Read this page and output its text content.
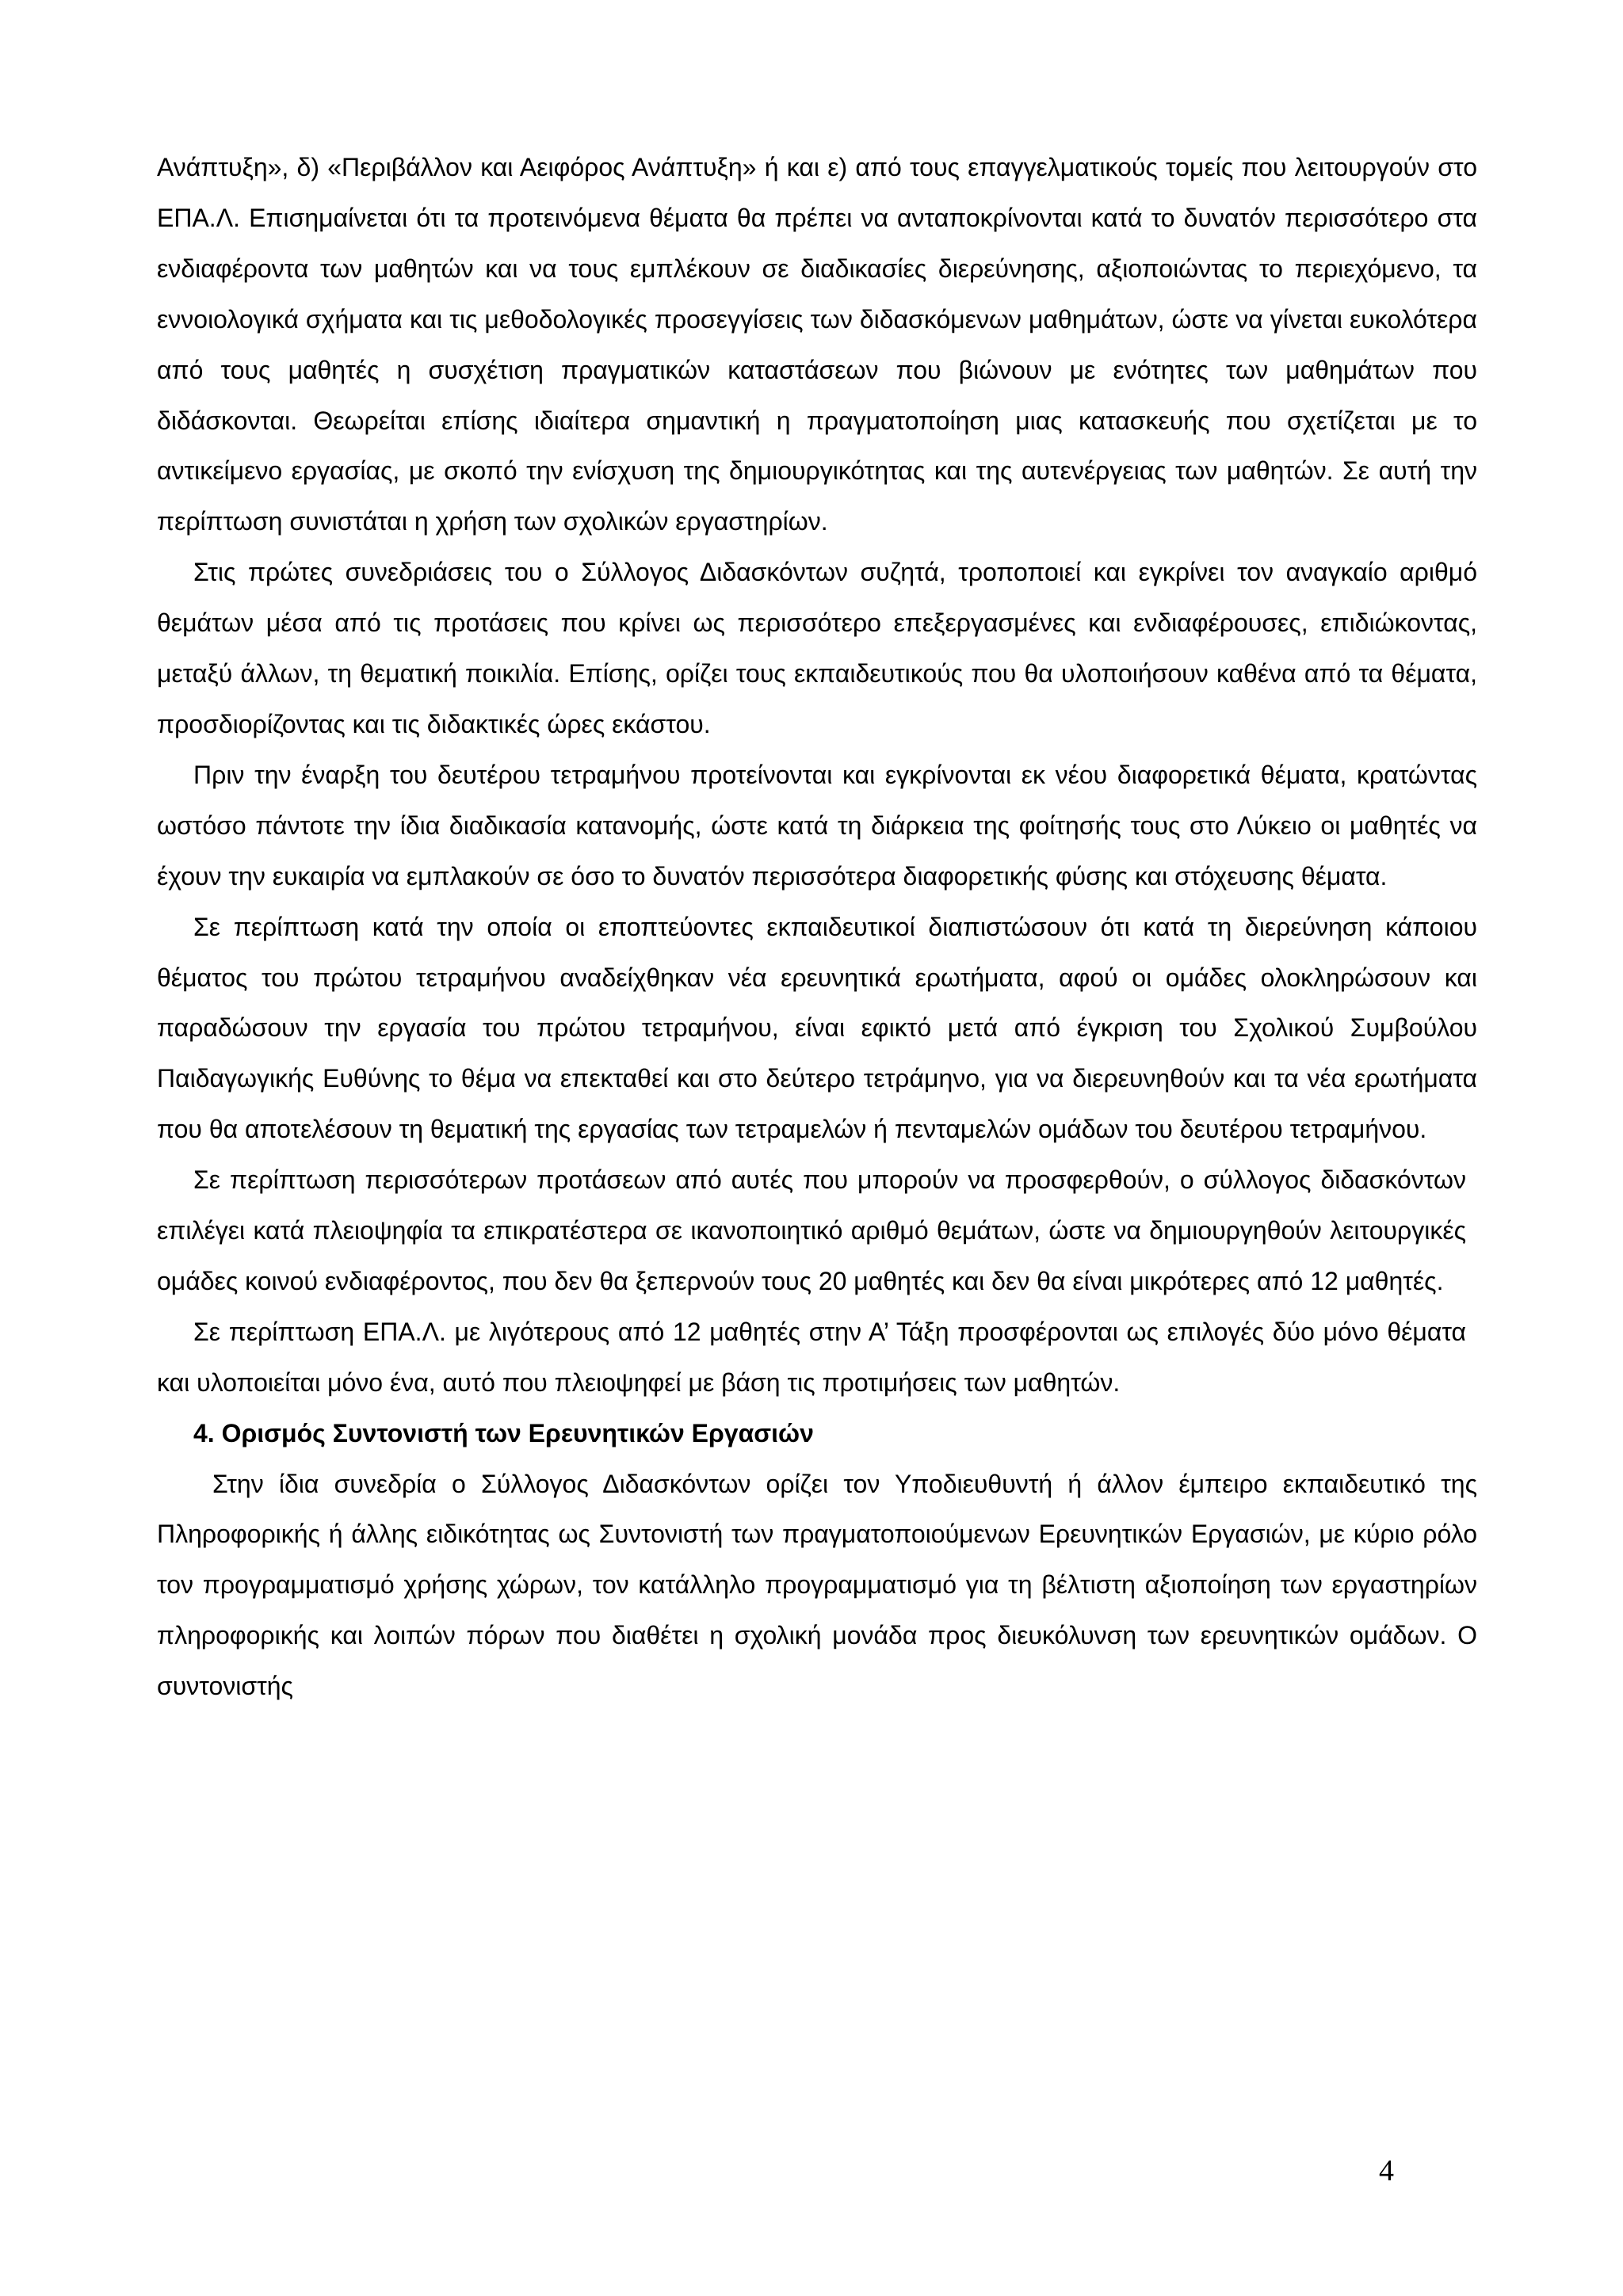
Ανάπτυξη», δ) «Περιβάλλον και Αειφόρος Ανάπτυξη» ή και ε) από τους επαγγελματικούς τομείς που λειτουργούν στο ΕΠΑ.Λ. Επισημαίνεται ότι τα προτεινόμενα θέματα θα πρέπει να ανταποκρίνονται κατά το δυνατόν περισσότερο στα ενδιαφέροντα των μαθητών και να τους εμπλέκουν σε διαδικασίες διερεύνησης, αξιοποιώντας το περιεχόμενο, τα εννοιολογικά σχήματα και τις μεθοδολογικές προσεγγίσεις των διδασκόμενων μαθημάτων, ώστε να γίνεται ευκολότερα από τους μαθητές η συσχέτιση πραγματικών καταστάσεων που βιώνουν με ενότητες των μαθημάτων που διδάσκονται. Θεωρείται επίσης ιδιαίτερα σημαντική η πραγματοποίηση μιας κατασκευής που σχετίζεται με το αντικείμενο εργασίας, με σκοπό την ενίσχυση της δημιουργικότητας και της αυτενέργειας των μαθητών. Σε αυτή την περίπτωση συνιστάται η χρήση των σχολικών εργαστηρίων.

Στις πρώτες συνεδριάσεις του ο Σύλλογος Διδασκόντων συζητά, τροποποιεί και εγκρίνει τον αναγκαίο αριθμό θεμάτων μέσα από τις προτάσεις που κρίνει ως περισσότερο επεξεργασμένες και ενδιαφέρουσες, επιδιώκοντας, μεταξύ άλλων, τη θεματική ποικιλία. Επίσης, ορίζει τους εκπαιδευτικούς που θα υλοποιήσουν καθένα από τα θέματα, προσδιορίζοντας και τις διδακτικές ώρες εκάστου.

Πριν την έναρξη του δευτέρου τετραμήνου προτείνονται και εγκρίνονται εκ νέου διαφορετικά θέματα, κρατώντας ωστόσο πάντοτε την ίδια διαδικασία κατανομής, ώστε κατά τη διάρκεια της φοίτησής τους στο Λύκειο οι μαθητές να έχουν την ευκαιρία να εμπλακούν σε όσο το δυνατόν περισσότερα διαφορετικής φύσης και στόχευσης θέματα.

Σε περίπτωση κατά την οποία οι εποπτεύοντες εκπαιδευτικοί διαπιστώσουν ότι κατά τη διερεύνηση κάποιου θέματος του πρώτου τετραμήνου αναδείχθηκαν νέα ερευνητικά ερωτήματα, αφού οι ομάδες ολοκληρώσουν και παραδώσουν την εργασία του πρώτου τετραμήνου, είναι εφικτό μετά από έγκριση του Σχολικού Συμβούλου Παιδαγωγικής Ευθύνης το θέμα να επεκταθεί και στο δεύτερο τετράμηνο, για να διερευνηθούν και τα νέα ερωτήματα που θα αποτελέσουν τη θεματική της εργασίας των τετραμελών ή πενταμελών ομάδων του δευτέρου τετραμήνου.

Σε περίπτωση περισσότερων προτάσεων από αυτές που μπορούν να προσφερθούν, ο σύλλογος διδασκόντων επιλέγει κατά πλειοψηφία τα επικρατέστερα σε ικανοποιητικό αριθμό θεμάτων, ώστε να δημιουργηθούν λειτουργικές ομάδες κοινού ενδιαφέροντος, που δεν θα ξεπερνούν τους 20 μαθητές και δεν θα είναι μικρότερες από 12 μαθητές.

Σε περίπτωση ΕΠΑ.Λ. με λιγότερους από 12 μαθητές στην Α’ Τάξη προσφέρονται ως επιλογές δύο μόνο θέματα και υλοποιείται μόνο ένα, αυτό που πλειοψηφεί με βάση τις προτιμήσεις των μαθητών.

4. Ορισμός Συντονιστή των Ερευνητικών Εργασιών

Στην ίδια συνεδρία ο Σύλλογος Διδασκόντων ορίζει τον Υποδιευθυντή ή άλλον έμπειρο εκπαιδευτικό της Πληροφορικής ή άλλης ειδικότητας ως Συντονιστή των πραγματοποιούμενων Ερευνητικών Εργασιών, με κύριο ρόλο τον προγραμματισμό χρήσης χώρων, τον κατάλληλο προγραμματισμό για τη βέλτιστη αξιοποίηση των εργαστηρίων πληροφορικής και λοιπών πόρων που διαθέτει η σχολική μονάδα προς διευκόλυνση των ερευνητικών ομάδων. Ο συντονιστής

4
